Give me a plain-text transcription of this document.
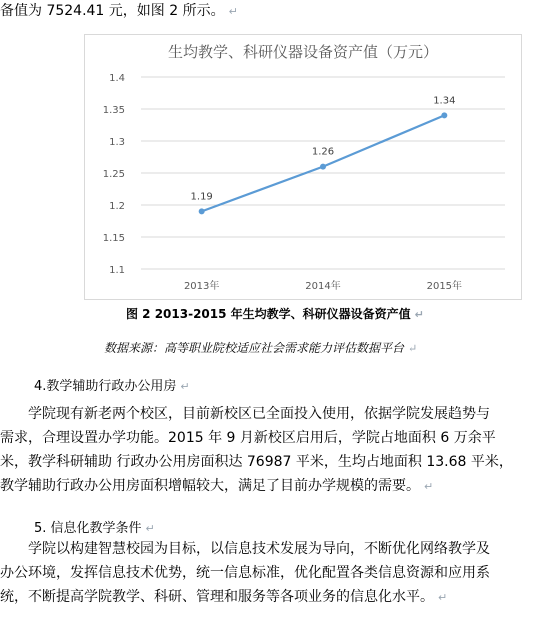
备值为 7524.41 元，如图 2 所示。 ↵
生均教学、科研仪器设备资产值（万元）
1.4
1.35
1.3
1.25
1.2
1.15
1.1
2013年	2014年	2015年
1.19
1.26
1.34
图 2 2013-2015 年生均教学、科研仪器设备资产值 ↵
数据来源：高等职业院校适应社会需求能力评估数据平台 ↵
4.教学辅助行政办公用房 ↵
　　学院现有新老两个校区，目前新校区已全面投入使用，依据学院发展趋势与
需求，合理设置办学功能。2015 年 9 月新校区启用后，学院占地面积 6 万余平
米，教学科研辅助 行政办公用房面积达 76987 平米，生均占地面积 13.68 平米，
教学辅助行政办公用房面积增幅较大，满足了目前办学规模的需要。 ↵
5. 信息化教学条件 ↵
　　学院以构建智慧校园为目标，以信息技术发展为导向，不断优化网络教学及
办公环境，发挥信息技术优势，统一信息标准，优化配置各类信息资源和应用系
统，不断提高学院教学、科研、管理和服务等各项业务的信息化水平。 ↵
